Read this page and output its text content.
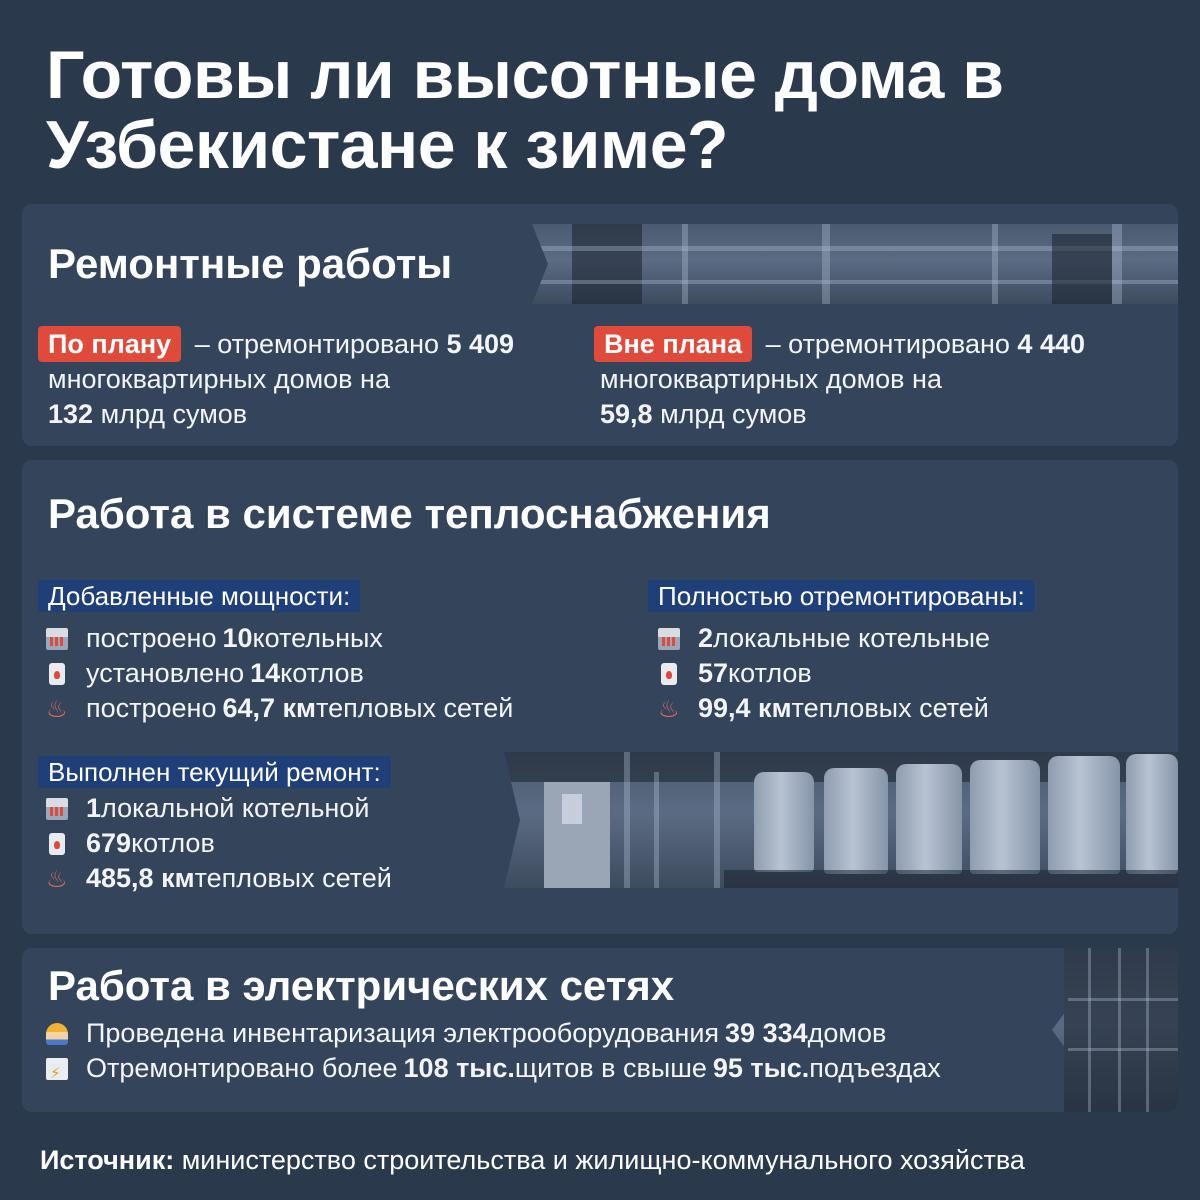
Готовы ли высотные дома в Узбекистане к зиме?
Ремонтные работы
По плану – отремонтировано 5 409
многоквартирных домов на
132 млрд сумов
Вне плана – отремонтировано 4 440
многоквартирных домов на
59,8 млрд сумов
Работа в системе теплоснабжения
Добавленные мощности:
построено 10 котельных
установлено 14 котлов
♨
построено 64,7 км тепловых сетей
Полностью отремонтированы:
2 локальные котельные
57 котлов
♨
99,4 км тепловых сетей
Выполнен текущий ремонт:
1 локальной котельной
679 котлов
♨
485,8 км тепловых сетей
Работа в электрических сетях
Проведена инвентаризация электрооборудования 39 334 домов
⚡
Отремонтировано более 108 тыс. щитов в свыше 95 тыс. подъездах
Источник: министерство строительства и жилищно-коммунального хозяйства
